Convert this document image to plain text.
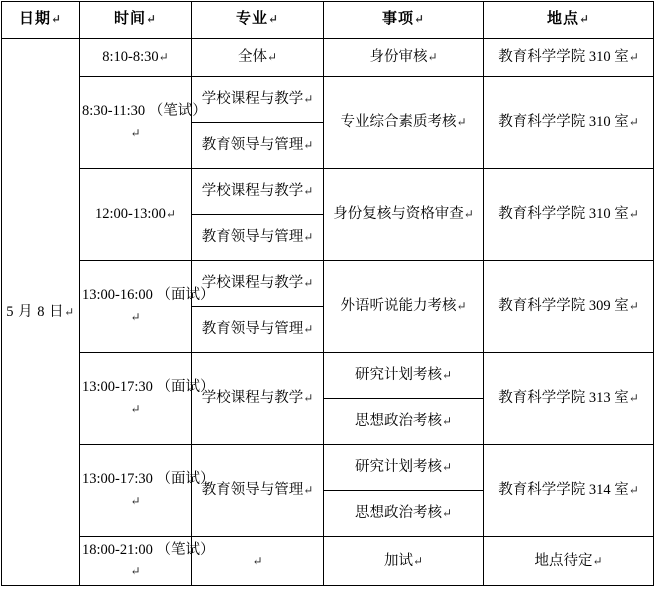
日期 ↵	时间 ↵	专业 ↵	事项 ↵	地点 ↵
5 月 8 日 ↵	8:10-8:30 ↵	全体 ↵	身份审核 ↵	教育科学学院 310 室 ↵
	8:30-11:30 （笔试） ↵	学校课程与教学 ↵	专业综合素质考核 ↵	教育科学学院 310 室 ↵
		教育领导与管理 ↵
	12:00-13:00 ↵	学校课程与教学 ↵	身份复核与资格审查 ↵	教育科学学院 310 室 ↵
		教育领导与管理 ↵
	13:00-16:00 （面试） ↵	学校课程与教学 ↵	外语听说能力考核 ↵	教育科学学院 309 室 ↵
		教育领导与管理 ↵
	13:00-17:30 （面试） ↵	学校课程与教学 ↵	研究计划考核 ↵	教育科学学院 313 室 ↵
			思想政治考核 ↵
	13:00-17:30 （面试） ↵	教育领导与管理 ↵	研究计划考核 ↵	教育科学学院 314 室 ↵
			思想政治考核 ↵
	18:00-21:00 （笔试） ↵	↵	加试 ↵	地点待定 ↵
